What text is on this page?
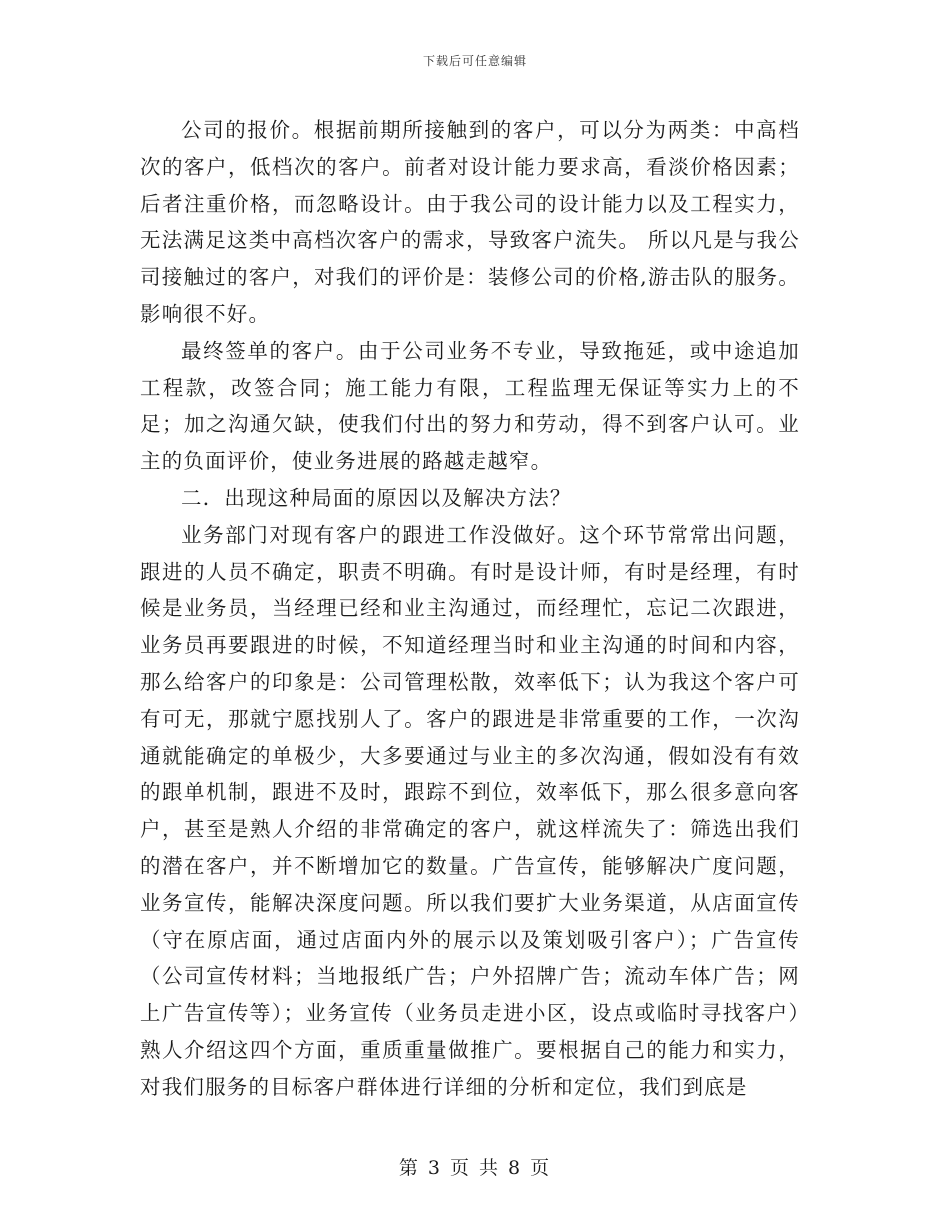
下载后可任意编辑

公司的报价。根据前期所接触到的客户，可以分为两类：中高档次的客户，低档次的客户。前者对设计能力要求高，看淡价格因素；后者注重价格，而忽略设计。由于我公司的设计能力以及工程实力，无法满足这类中高档次客户的需求，导致客户流失。 所以凡是与我公司接触过的客户，对我们的评价是：装修公司的价格,游击队的服务。影响很不好。

最终签单的客户。由于公司业务不专业，导致拖延，或中途追加工程款，改签合同；施工能力有限，工程监理无保证等实力上的不足；加之沟通欠缺，使我们付出的努力和劳动，得不到客户认可。业主的负面评价，使业务进展的路越走越窄。

二．出现这种局面的原因以及解决方法？

业务部门对现有客户的跟进工作没做好。这个环节常常出问题，跟进的人员不确定，职责不明确。有时是设计师，有时是经理，有时候是业务员，当经理已经和业主沟通过，而经理忙，忘记二次跟进，业务员再要跟进的时候，不知道经理当时和业主沟通的时间和内容，那么给客户的印象是：公司管理松散，效率低下；认为我这个客户可有可无，那就宁愿找别人了。客户的跟进是非常重要的工作，一次沟通就能确定的单极少，大多要通过与业主的多次沟通，假如没有有效的跟单机制，跟进不及时，跟踪不到位，效率低下，那么很多意向客户，甚至是熟人介绍的非常确定的客户，就这样流失了：筛选出我们的潜在客户，并不断增加它的数量。广告宣传，能够解决广度问题，业务宣传，能解决深度问题。所以我们要扩大业务渠道，从店面宣传（守在原店面，通过店面内外的展示以及策划吸引客户）；广告宣传（公司宣传材料；当地报纸广告；户外招牌广告；流动车体广告；网上广告宣传等）；业务宣传（业务员走进小区，设点或临时寻找客户）熟人介绍这四个方面，重质重量做推广。要根据自己的能力和实力，对我们服务的目标客户群体进行详细的分析和定位，我们到底是

第 3 页 共 8 页
